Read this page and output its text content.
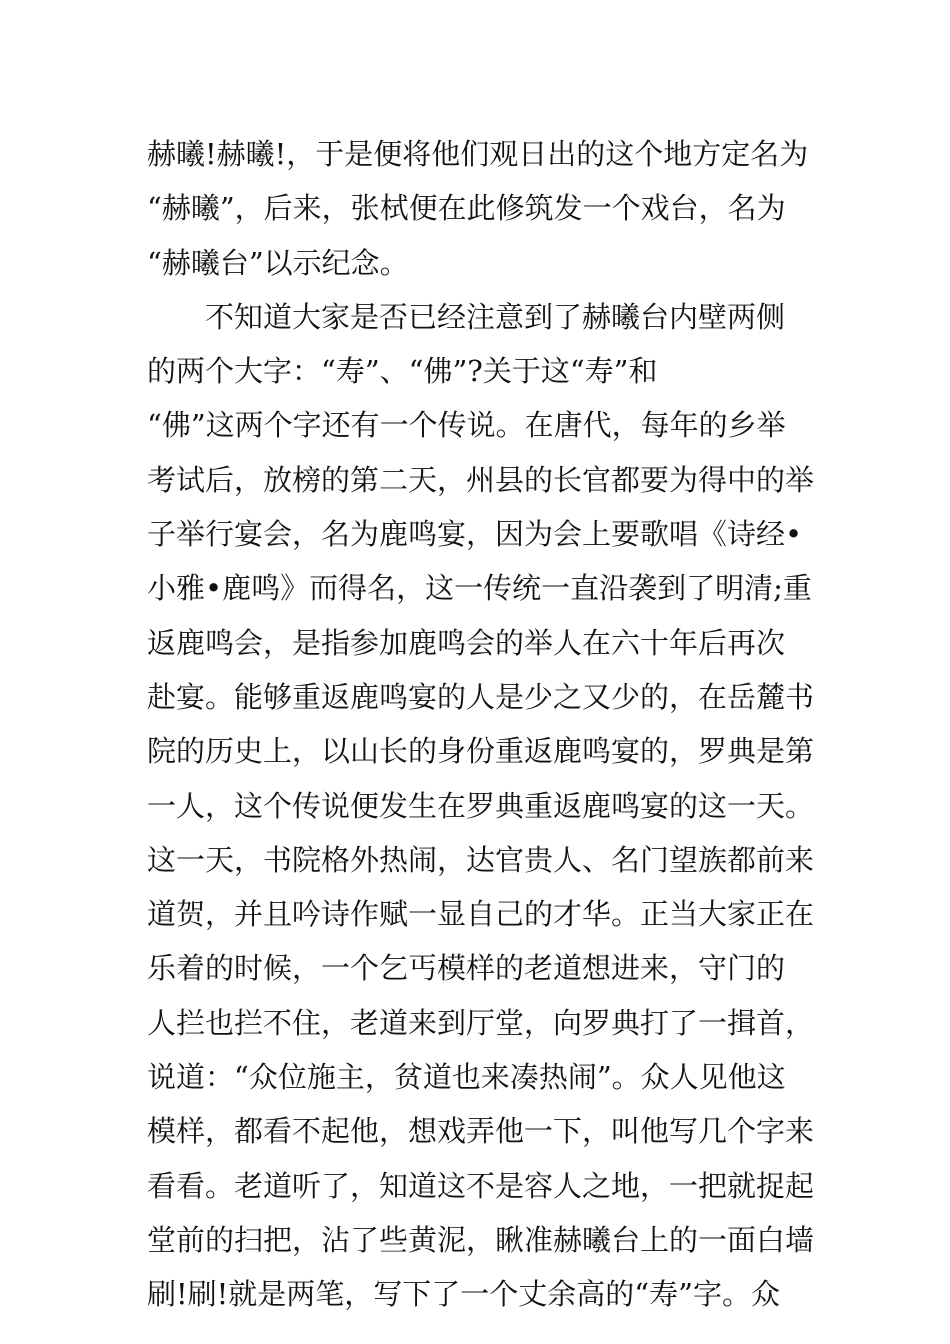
赫曦!赫曦!，于是便将他们观日出的这个地方定名为
“赫曦”，后来，张栻便在此修筑发一个戏台，名为
“赫曦台”以示纪念。
　　不知道大家是否已经注意到了赫曦台内壁两侧
的两个大字：“寿”、“佛”?关于这“寿”和
“佛”这两个字还有一个传说。在唐代，每年的乡举
考试后，放榜的第二天，州县的长官都要为得中的举
子举行宴会，名为鹿鸣宴，因为会上要歌唱《诗经•
小雅•鹿鸣》而得名，这一传统一直沿袭到了明清;重
返鹿鸣会，是指参加鹿鸣会的举人在六十年后再次
赴宴。能够重返鹿鸣宴的人是少之又少的，在岳麓书
院的历史上，以山长的身份重返鹿鸣宴的，罗典是第
一人，这个传说便发生在罗典重返鹿鸣宴的这一天。
这一天，书院格外热闹，达官贵人、名门望族都前来
道贺，并且吟诗作赋一显自己的才华。正当大家正在
乐着的时候，一个乞丐模样的老道想进来，守门的
人拦也拦不住，老道来到厅堂，向罗典打了一揖首，
说道：“众位施主，贫道也来凑热闹”。众人见他这
模样，都看不起他，想戏弄他一下，叫他写几个字来
看看。老道听了，知道这不是容人之地，一把就捉起
堂前的扫把，沾了些黄泥，瞅准赫曦台上的一面白墙
刷!刷!就是两笔，写下了一个丈余高的“寿”字。众
